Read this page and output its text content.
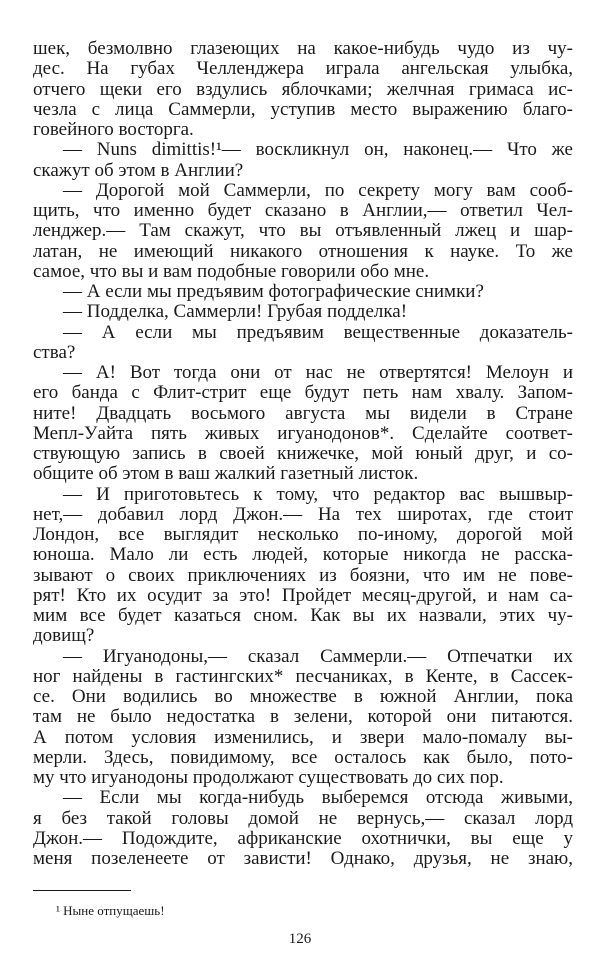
шек, безмолвно глазеющих на какое-нибудь чудо из чу-
дес. На губах Челленджера играла ангельская улыбка,
отчего щеки его вздулись яблочками; желчная гримаса ис-
чезла с лица Саммерли, уступив место выражению благо-
говейного восторга.
— Nuns dimittis!¹— воскликнул он, наконец.— Что же
скажут об этом в Англии?
— Дорогой мой Саммерли, по секрету могу вам сооб-
щить, что именно будет сказано в Англии,— ответил Чел-
ленджер.— Там скажут, что вы отъявленный лжец и шар-
латан, не имеющий никакого отношения к науке. То же
самое, что вы и вам подобные говорили обо мне.
— А если мы предъявим фотографические снимки?
— Подделка, Саммерли! Грубая подделка!
— А если мы предъявим вещественные доказатель-
ства?
— А! Вот тогда они от нас не отвертятся! Мелоун и
его банда с Флит-стрит еще будут петь нам хвалу. Запом-
ните! Двадцать восьмого августа мы видели в Стране
Мепл-Уайта пять живых игуанодонов*. Сделайте соответ-
ствующую запись в своей книжечке, мой юный друг, и со-
общите об этом в ваш жалкий газетный листок.
— И приготовьтесь к тому, что редактор вас вышвыр-
нет,— добавил лорд Джон.— На тех широтах, где стоит
Лондон, все выглядит несколько по-иному, дорогой мой
юноша. Мало ли есть людей, которые никогда не расска-
зывают о своих приключениях из боязни, что им не пове-
рят! Кто их осудит за это! Пройдет месяц-другой, и нам са-
мим все будет казаться сном. Как вы их назвали, этих чу-
довищ?
— Игуанодоны,— сказал Саммерли.— Отпечатки их
ног найдены в гастингских* песчаниках, в Кенте, в Сассек-
се. Они водились во множестве в южной Англии, пока
там не было недостатка в зелени, которой они питаются.
А потом условия изменились, и звери мало-помалу вы-
мерли. Здесь, повидимому, все осталось как было, пото-
му что игуанодоны продолжают существовать до сих пор.
— Если мы когда-нибудь выберемся отсюда живыми,
я без такой головы домой не вернусь,— сказал лорд
Джон.— Подождите, африканские охотнички, вы еще у
меня позеленеете от зависти! Однако, друзья, не знаю,
¹ Ныне отпущаешь!
126
